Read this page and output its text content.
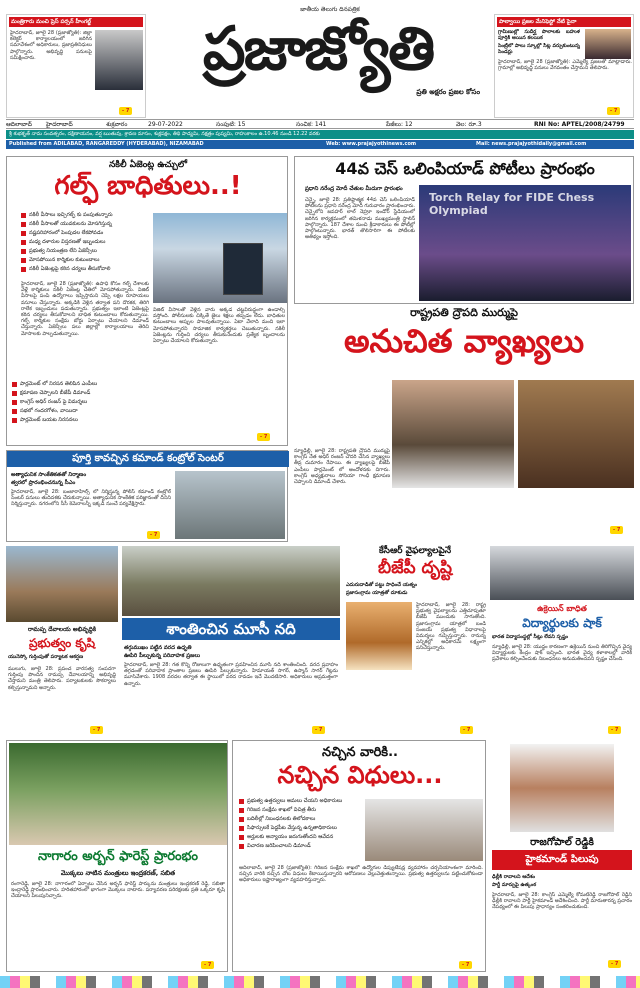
మంత్రిగారు మంచి ప్రెస్ పర్సన్ హీంగల్జ్
హైదరాబాద్, జూలై 28 (ప్రజాజ్యోతి): జిల్లా కలెక్టర్ కార్యాలయంలో జరిగిన సమావేశంలో అధికారులు, ప్రజాప్రతినిధులు పాల్గొన్నారు. అభివృద్ధి పనులపై సమీక్షించారు.
- 7
జాతీయ తెలుగు దినపత్రిక
ప్రజాజ్యోతి
ప్రతి అక్షరం ప్రజల కోసం
పాల్వాయి ప్రజల మేనిఫెస్టో నేటి పైనా
గ్రామీణుల్లో సుదీర్ఘ పొలాలకు బహుళ పూర్తికి ఆయిన కలయిక
సెంట్రిలో పాలు స్కూల్లో సీట్ల వర్చుకుంటున్న సెండర్లు
హైదరాబాద్, జూలై 28 (ప్రజాజ్యోతి): ఎమ్మెల్యే ప్రజలతో మాట్లాడారు. గ్రామాల్లో అభివృద్ధి పనులు వేగవంతం చేస్తామని తెలిపారు.
- 7
ఆదిలాబాద్ హైదరాబాద్	శుక్రవారం	29-07-2022	సంపుటి: 15	సంచిక: 141	పేజీలు: 12	వెల: రూ.3	RNI No: APTEL/2008/24799
శ్రీ శుభకృత్ నామ సంవత్సరం, దక్షిణాయనం, వర్ష ఋతువు, శ్రావణ మాసం, శుక్లపక్షం, తిథి పాడ్యమి, నక్షత్రం పుష్యమి, రాహుకాలం ఉ.10.46 నుండి 12.22 వరకు
Published from ADILABAD, RANGAREDDY (HYDERABAD), NIZAMABAD	Web: www.prajajyothinews.com	Mail: news.prajajyothidaily@gmail.com
నకిలీ ఏజెంట్ల ఉచ్చులో
గల్ఫ్ బాధితులు..!
నకిలీ వీసాలు ఇచ్చిగల్ఫ్ కు పంపుతున్నారు
నకిలీ వీసాలతో యువకులను మోసగిస్తున్న
నష్టపరిహారంలో పెంపుదల లేకపోవడం
మధ్య దళారుల విస్తరణతో ఇబ్బందులు
ప్రభుత్వ నియంత్రణ లేని ఏజెన్సీలు
మోసపోయిన కార్మికుల కుటుంబాలు
నకిలీ ఏజెంట్లపై కఠిన చర్యలు తీసుకోవాలి
హైదరాబాద్, జూలై 28 (ప్రజాజ్యోతి): ఉపాధి కోసం గల్ఫ్ దేశాలకు వెళ్లే కార్మికులు నకిలీ ఏజెంట్ల చేతిలో మోసపోతున్నారు. విజిట్ వీసాలపై పంపి ఉద్యోగాలు ఇప్పిస్తామని చెప్పి లక్షల రూపాయలు వసూలు చేస్తున్నారు. అక్కడికి వెళ్లిన తర్వాత పని దొరకక, తిరిగి రాలేక ఇబ్బందులు పడుతున్నారు. ప్రభుత్వం ఇలాంటి ఏజెంట్లపై కఠిన చర్యలు తీసుకోవాలని బాధిత కుటుంబాలు కోరుతున్నాయి. గల్ఫ్ కార్మికుల సంక్షేమ బోర్డు ఏర్పాటు చేయాలని డిమాండ్ చేస్తున్నారు. ఏజెన్సీలు పలు జిల్లాల్లో కార్యాలయాలు తెరిచి మోసాలకు పాల్పడుతున్నాయి.
విజిట్ వీసాలతో వెళ్లిన వారు అక్కడ చట్టవిరుద్ధంగా ఉండాల్సి వస్తోంది. పోలీసులకు చిక్కితే జైలు శిక్షలు తప్పడం లేదు. బాధితుల కుటుంబాలు అప్పుల పాలవుతున్నాయి. ఏటా వేలాది మంది ఇలా మోసపోతున్నారని సామాజిక కార్యకర్తలు చెబుతున్నారు. నకిలీ ఏజెంట్లను గుర్తించి చర్యలు తీసుకునేందుకు ప్రత్యేక బృందాలను ఏర్పాటు చేయాలని కోరుతున్నారు.
- 7
44వ చెస్ ఒలింపియాడ్ పోటీలు ప్రారంభం
ప్రధాని నరేంద్ర మోదీ చేతుల మీదుగా ప్రారంభం
చెన్నై, జూలై 28: ప్రతిష్ఠాత్మక 44వ చెస్ ఒలింపియాడ్ పోటీలను ప్రధాని నరేంద్ర మోదీ గురువారం ప్రారంభించారు. చెన్నైలోని జవహర్ లాల్ నెహ్రూ ఇండోర్ స్టేడియంలో జరిగిన కార్యక్రమంలో తమిళనాడు ముఖ్యమంత్రి స్టాలిన్ పాల్గొన్నారు. 187 దేశాల నుంచి క్రీడాకారులు ఈ పోటీల్లో పాల్గొంటున్నారు. భారత్ తొలిసారిగా ఈ పోటీలకు ఆతిథ్యం ఇస్తోంది.
Torch Relay for FIDE Chess Olympiad
రాష్ట్రపతి ద్రౌపది ముర్ముపై
అనుచిత వ్యాఖ్యలు
పార్లమెంట్ లో నిరసన తెలిపిన ఎంపీలు
క్షమాపణ చెప్పాలని బీజేపీ డిమాండ్
కాంగ్రెస్ అధిర్ రంజన్ పై విమర్శలు
సభలో గందరగోళం, వాయిదా
పార్లమెంట్ బయట నిరసనలు
న్యూఢిల్లీ, జూలై 28: రాష్ట్రపతి ద్రౌపది ముర్ముపై కాంగ్రెస్ నేత అధిర్ రంజన్ చౌదరి చేసిన వ్యాఖ్యలు తీవ్ర దుమారం రేపాయి. ఈ వ్యాఖ్యలపై బీజేపీ ఎంపీలు పార్లమెంట్ లో ఆందోళనకు దిగారు. కాంగ్రెస్ అధ్యక్షురాలు సోనియా గాంధీ క్షమాపణ చెప్పాలని డిమాండ్ చేశారు.
- 7
పూర్తి కావచ్చిన కమాండ్ కంట్రోల్ సెంటర్
అత్యాధునిక సాంకేతికతతో నిర్మాణం
త్వరలో ప్రారంభించనున్న సీఎం
హైదరాబాద్, జూలై 28: బంజారాహిల్స్ లో నిర్మిస్తున్న పోలీస్ కమాండ్ కంట్రోల్ సెంటర్ పనులు తుదిదశకు చేరుకున్నాయి. అత్యాధునిక సాంకేతిక పరిజ్ఞానంతో దీనిని నిర్మిస్తున్నారు. నగరంలోని సీసీ కెమెరాలన్నీ ఇక్కడి నుంచే పర్యవేక్షిస్తారు.
- 7
రామప్ప దేవాలయ అభివృద్ధికి
ప్రభుత్వం కృషి
యునెస్కో గుర్తింపుతో పర్యాటక ఆకర్షణ
ములుగు, జూలై 28: ప్రపంచ వారసత్వ సంపదగా గుర్తింపు పొందిన రామప్ప దేవాలయాన్ని అభివృద్ధి చేస్తామని మంత్రి తెలిపారు. పర్యాటకులకు సౌకర్యాలు కల్పిస్తున్నామని అన్నారు.
- 7
శాంతించిన మూసీ నది
తగ్గుముఖం పట్టిన వరద ఉధృతి
ఊపిరి పీల్చుకున్న పరివాహక ప్రజలు
హైదరాబాద్, జూలై 28: గత కొన్ని రోజులుగా ఉధృతంగా ప్రవహించిన మూసీ నది శాంతించింది. వరద ప్రవాహం తగ్గడంతో పరివాహక ప్రాంతాల ప్రజలు ఊపిరి పీల్చుకున్నారు. హిమాయత్ సాగర్, ఉస్మాన్ సాగర్ గేట్లను మూసివేశారు. 1908 వరదల తర్వాత ఈ స్థాయిలో వరద రావడం ఇదే మొదటిసారి. అధికారులు అప్రమత్తంగా ఉన్నారు.
- 7
కేసీఆర్ వైఫల్యాలపైనే
బీజేపీ దృష్టి
ఎదురుదాడితో పట్టు సాధించే యత్నం
ప్రజాసంగ్రామ యాత్రతో దూకుడు
హైదరాబాద్, జూలై 28: రాష్ట్ర ప్రభుత్వ వైఫల్యాలను ఎత్తిచూపుతూ బీజేపీ ముందుకు సాగుతోంది. ప్రజాసంగ్రామ యాత్రలో బండి సంజయ్ ప్రభుత్వ విధానాలపై విమర్శలు గుప్పిస్తున్నారు. రానున్న ఎన్నికల్లో అధికారమే లక్ష్యంగా పనిచేస్తున్నారు.
- 7
ఉక్రెయిన్ బాధిత
విద్యార్థులకు షాక్
భారత విద్యాసంస్థల్లో సీట్లు లేవని స్పష్టం
న్యూఢిల్లీ, జూలై 28: యుద్ధం కారణంగా ఉక్రెయిన్ నుంచి తిరిగొచ్చిన వైద్య విద్యార్థులకు కేంద్రం షాక్ ఇచ్చింది. భారత వైద్య కళాశాలల్లో వారికి ప్రవేశాలు కల్పించేందుకు నిబంధనలు అనుమతించవని స్పష్టం చేసింది.
- 7
నాగారం అర్బన్ ఫారెస్ట్ ప్రారంభం
మొక్కలు నాటిన మంత్రులు ఇంద్రకరణ్, సబిత
రంగారెడ్డి, జూలై 28: నాగారంలో ఏర్పాటు చేసిన అర్బన్ ఫారెస్ట్ పార్కును మంత్రులు ఇంద్రకరణ్ రెడ్డి, సబితా ఇంద్రారెడ్డి ప్రారంభించారు. హరితహారంలో భాగంగా మొక్కలు నాటారు. పర్యావరణ పరిరక్షణకు ప్రతి ఒక్కరూ కృషి చేయాలని పిలుపునిచ్చారు.
- 7
నచ్చిన వారికి..
నచ్చిన విధులు...
ప్రభుత్వ ఉత్తర్వులు అమలు చేయని అధికారులు
గిరిజన సంక్షేమ శాఖలో విచిత్ర తీరు
బదిలీల్లో నిబంధనలకు తిలోదకాలు
సిఫార్సులకే పెద్దపీట వేస్తున్న ఉన్నతాధికారులు
అర్హులకు అన్యాయం జరుగుతోందని ఆవేదన
విచారణ జరిపించాలని డిమాండ్
ఆదిలాబాద్, జూలై 28 (ప్రజాజ్యోతి): గిరిజన సంక్షేమ శాఖలో ఉద్యోగుల డిప్యుటేషన్ల వ్యవహారం చర్చనీయాంశంగా మారింది. నచ్చిన వారికి నచ్చిన చోట విధులు కేటాయిస్తున్నారని ఆరోపణలు వెల్లువెత్తుతున్నాయి. ప్రభుత్వ ఉత్తర్వులను పట్టించుకోకుండా అధికారులు ఇష్టారాజ్యంగా వ్యవహరిస్తున్నారు.
- 7
రాజగోపాల్ రెడ్డికి
హైకమాండ్ పిలుపు
ఢిల్లీకి రావాలని ఆదేశం
పార్టీ మార్పుపై ఉత్కంఠ
హైదరాబాద్, జూలై 28: కాంగ్రెస్ ఎమ్మెల్యే కోమటిరెడ్డి రాజగోపాల్ రెడ్డిని ఢిల్లీకి రావాలని పార్టీ హైకమాండ్ ఆదేశించింది. పార్టీ మారుతారన్న ప్రచారం నేపథ్యంలో ఈ పిలుపు ప్రాధాన్యం సంతరించుకుంది.
- 7
